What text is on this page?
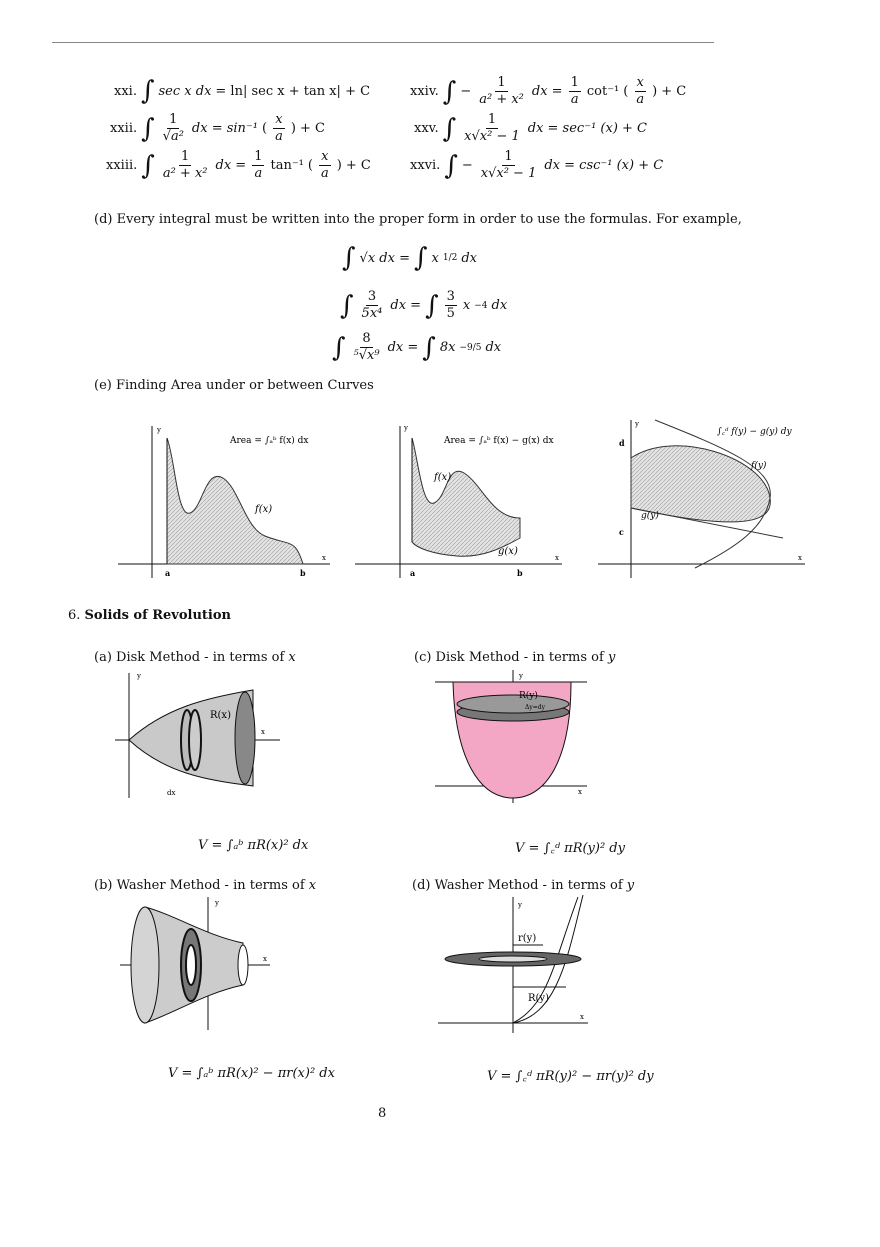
xxi. ∫ sec x dx = ln| sec x + tan x| + C
xxii. ∫ $\frac{1}{\text{√a²}}$ dx = sin⁻¹ ( $\frac{x}{a}$ ) + C
xxiii. ∫ $\frac{1}{\text{a² + x²}}$ dx = $\frac{1}{a} \tan^{-1}$ ( $\frac{x}{a}$ ) + C
xxiv. ∫ − $\frac{1}{\text{a² + x²}}$ dx = $\frac{1}{a} \cot^{-1}$ ( $\frac{x}{a}$ ) + C
xxv. ∫ $\frac{1}{\text{x√x² − 1}}$ dx = sec⁻¹ (x) + C
xxvi. ∫ − $\frac{1}{\text{x√x² − 1}}$ dx = csc⁻¹ (x) + C
(d) Every integral must be written into the proper form in order to use the formulas. For example,
∫ √x dx = ∫ x 1/2 dx
∫ $\frac{3}{\text{5x⁴}}$ dx = ∫ $\frac{3}{5}$ x −4 dx
∫ $\frac{8}{\text{⁵√x⁹}}$ dx = ∫ 8x −9/5 dx
(e) Finding Area under or between Curves
Area = ∫ₐᵇ f(x) dx
f(x)
a	b
x
y
Area = ∫ₐᵇ f(x) − g(x) dx
f(x)
g(x)
a	b
x
y	∫꜀ᵈ f(y) − g(y) dy
f(y)
g(y)
d
c
x
y
6. Solids of Revolution
(a) Disk Method - in terms of x	(c) Disk Method - in terms of y
R(x)
dx
x
y
R(y)
Δy=dy
x
y
V = ∫ₐᵇ πR(x)² dx	V = ∫꜀ᵈ πR(y)² dy
(b) Washer Method - in terms of x	(d) Washer Method - in terms of y
x
y
r(y)
R(y)
x
y
V = ∫ₐᵇ πR(x)² − πr(x)² dx	V = ∫꜀ᵈ πR(y)² − πr(y)² dy
8
